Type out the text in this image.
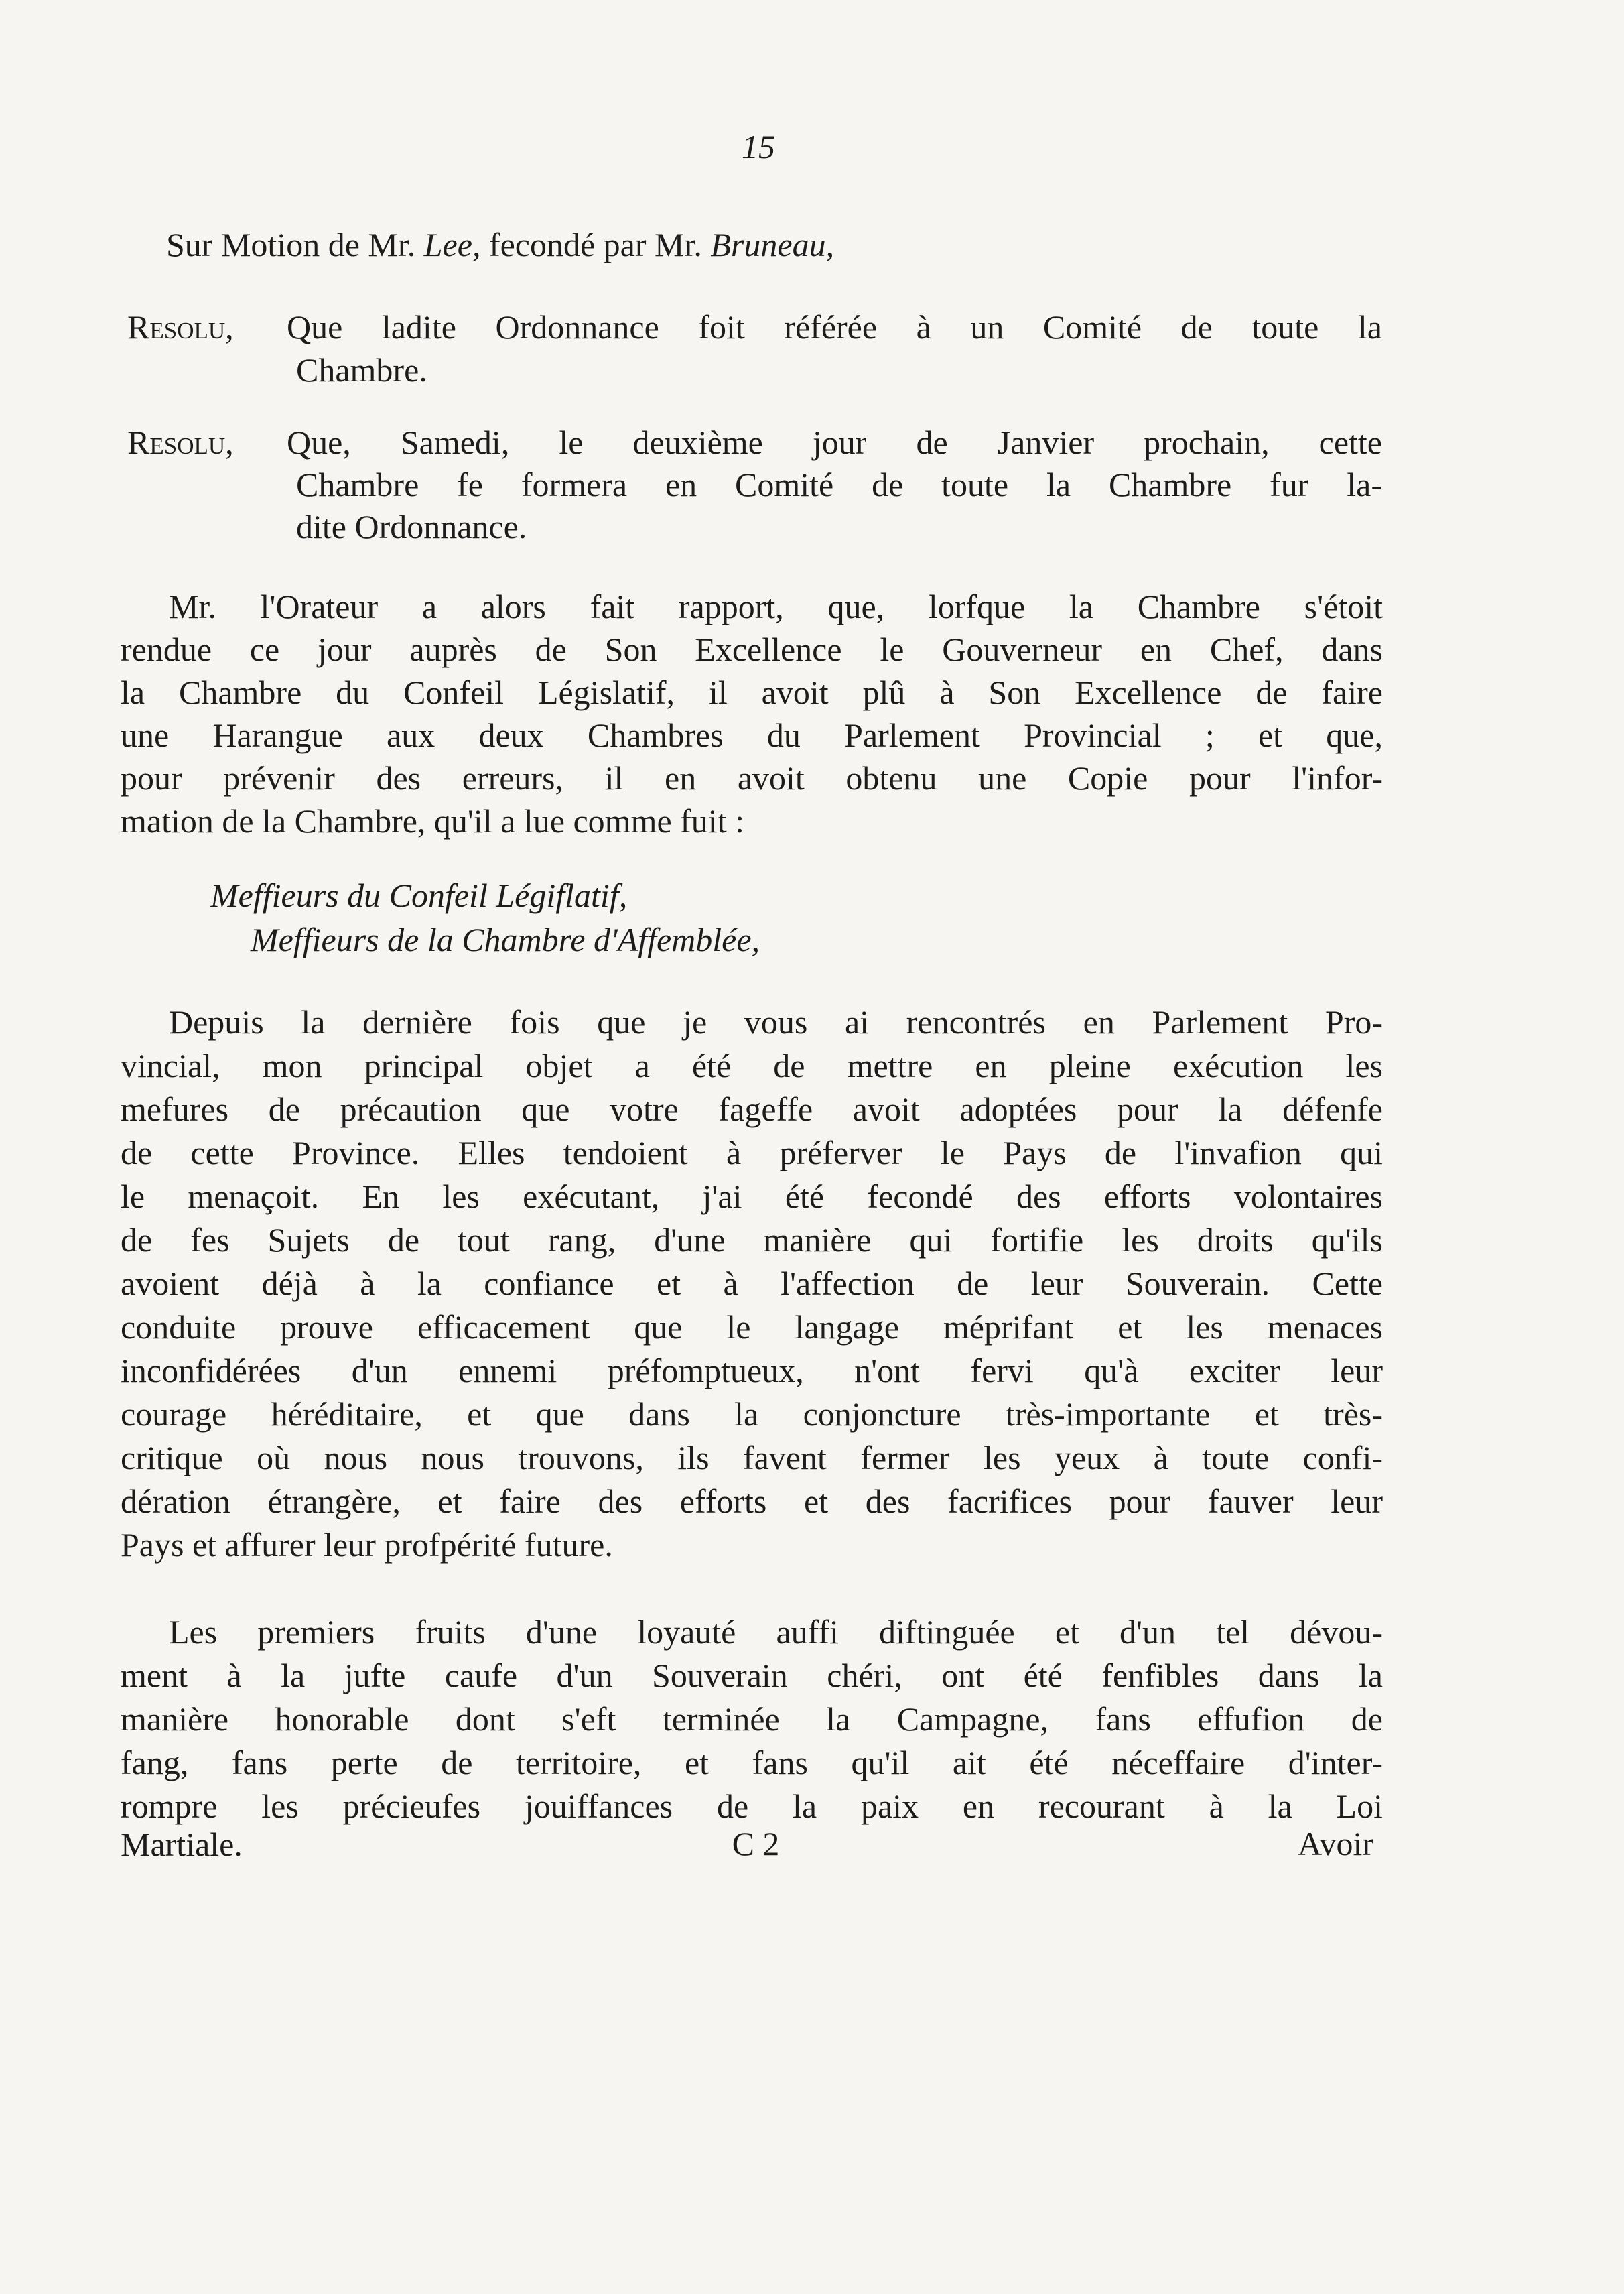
15
Sur Motion de Mr. Lee, fecondé par Mr. Bruneau,
Resolu,	Que ladite Ordonnance foit référée à un Comité de toute la
Chambre.
Resolu,	Que, Samedi, le deuxième jour de Janvier prochain, cette
Chambre fe formera en Comité de toute la Chambre fur la-
dite Ordonnance.
Mr. l'Orateur a alors fait rapport, que, lorfque la Chambre s'étoit
rendue ce jour auprès de Son Excellence le Gouverneur en Chef, dans
la Chambre du Confeil Législatif, il avoit plû à Son Excellence de faire
une Harangue aux deux Chambres du Parlement Provincial ; et que,
pour prévenir des erreurs, il en avoit obtenu une Copie pour l'infor-
mation de la Chambre, qu'il a lue comme fuit :
Meffieurs du Confeil Légiflatif,
Meffieurs de la Chambre d'Affemblée,
Depuis la dernière fois que je vous ai rencontrés en Parlement Pro-
vincial, mon principal objet a été de mettre en pleine exécution les
mefures de précaution que votre fageffe avoit adoptées pour la défenfe
de cette Province. Elles tendoient à préferver le Pays de l'invafion qui
le menaçoit. En les exécutant, j'ai été fecondé des efforts volontaires
de fes Sujets de tout rang, d'une manière qui fortifie les droits qu'ils
avoient déjà à la confiance et à l'affection de leur Souverain. Cette
conduite prouve efficacement que le langage méprifant et les menaces
inconfidérées d'un ennemi préfomptueux, n'ont fervi qu'à exciter leur
courage héréditaire, et que dans la conjoncture très-importante et très-
critique où nous nous trouvons, ils favent fermer les yeux à toute confi-
dération étrangère, et faire des efforts et des facrifices pour fauver leur
Pays et affurer leur profpérité future.
Les premiers fruits d'une loyauté auffi diftinguée et d'un tel dévou-
ment à la jufte caufe d'un Souverain chéri, ont été fenfibles dans la
manière honorable dont s'eft terminée la Campagne, fans effufion de
fang, fans perte de territoire, et fans qu'il ait été néceffaire d'inter-
rompre les précieufes jouiffances de la paix en recourant à la Loi
Martiale.	C 2	Avoir
